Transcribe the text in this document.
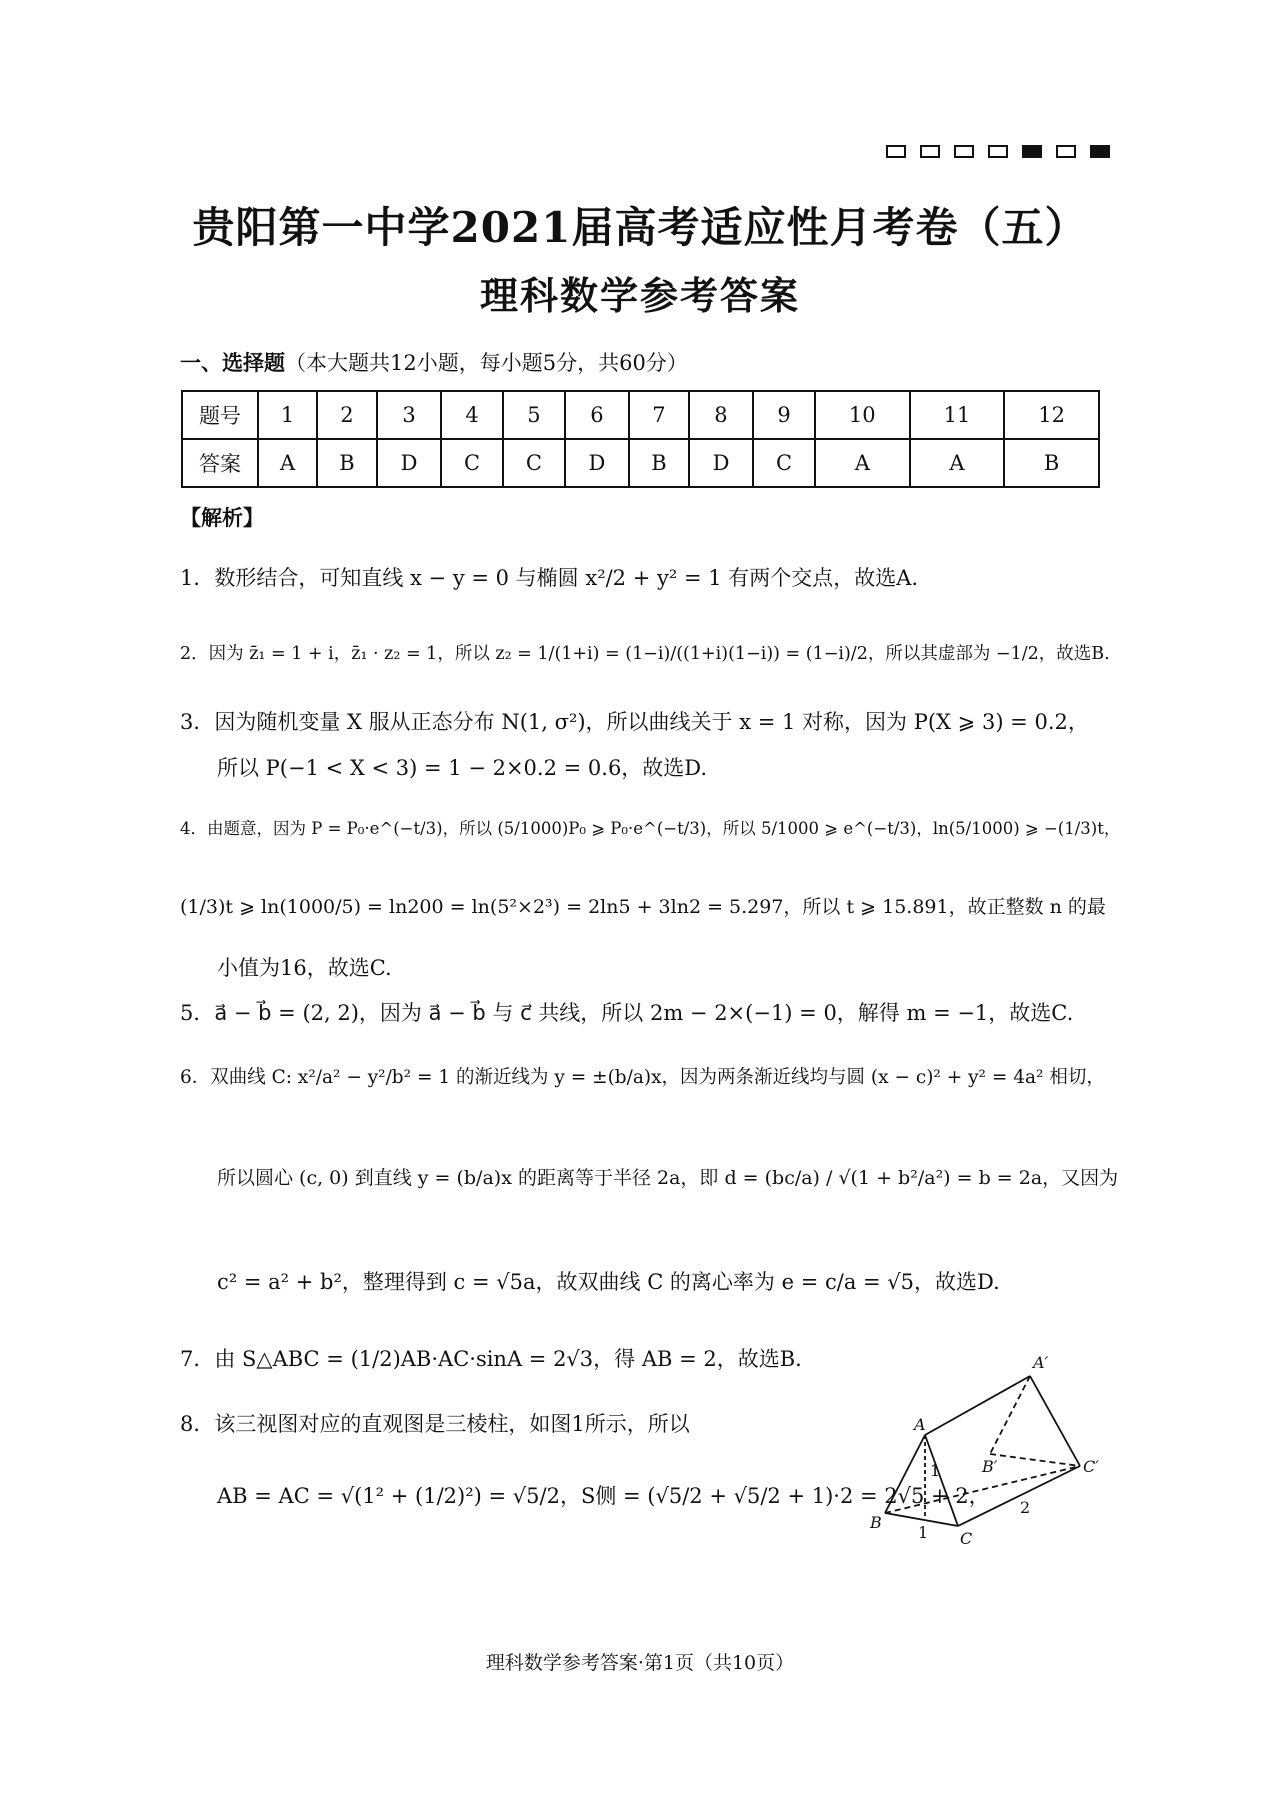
贵阳第一中学2021届高考适应性月考卷（五）
理科数学参考答案
一、选择题（本大题共12小题，每小题5分，共60分）
题号	1	2	3	4	5	6	7	8	9	10	11	12
答案	A	B	D	C	C	D	B	D	C	A	A	B
【解析】
1．数形结合，可知直线 x − y = 0 与椭圆 x²/2 + y² = 1 有两个交点，故选A.
2．因为 z̄₁ = 1 + i，z̄₁ · z₂ = 1，所以 z₂ = 1/(1+i) = (1−i)/((1+i)(1−i)) = (1−i)/2，所以其虚部为 −1/2，故选B.
3．因为随机变量 X 服从正态分布 N(1, σ²)，所以曲线关于 x = 1 对称，因为 P(X ⩾ 3) = 0.2，
所以 P(−1 < X < 3) = 1 − 2×0.2 = 0.6，故选D.
4．由题意，因为 P = P₀·e^(−t/3)，所以 (5/1000)P₀ ⩾ P₀·e^(−t/3)，所以 5/1000 ⩾ e^(−t/3)，ln(5/1000) ⩾ −(1/3)t，
(1/3)t ⩾ ln(1000/5) = ln200 = ln(5²×2³) = 2ln5 + 3ln2 = 5.297，所以 t ⩾ 15.891，故正整数 n 的最
小值为16，故选C.
5．a⃗ − b⃗ = (2, 2)，因为 a⃗ − b⃗ 与 c⃗ 共线，所以 2m − 2×(−1) = 0，解得 m = −1，故选C.
6．双曲线 C: x²/a² − y²/b² = 1 的渐近线为 y = ±(b/a)x，因为两条渐近线均与圆 (x − c)² + y² = 4a² 相切，
所以圆心 (c, 0) 到直线 y = (b/a)x 的距离等于半径 2a，即 d = (bc/a) / √(1 + b²/a²) = b = 2a，又因为
c² = a² + b²，整理得到 c = √5a，故双曲线 C 的离心率为 e = c/a = √5，故选D.
7．由 S△ABC = (1/2)AB·AC·sinA = 2√3，得 AB = 2，故选B.
8．该三视图对应的直观图是三棱柱，如图1所示，所以
AB = AC = √(1² + (1/2)²) = √5/2，S侧 = (√5/2 + √5/2 + 1)·2 = 2√5 + 2，
A
A′
B
B′
C
C′
1
1
2
理科数学参考答案·第1页（共10页）
